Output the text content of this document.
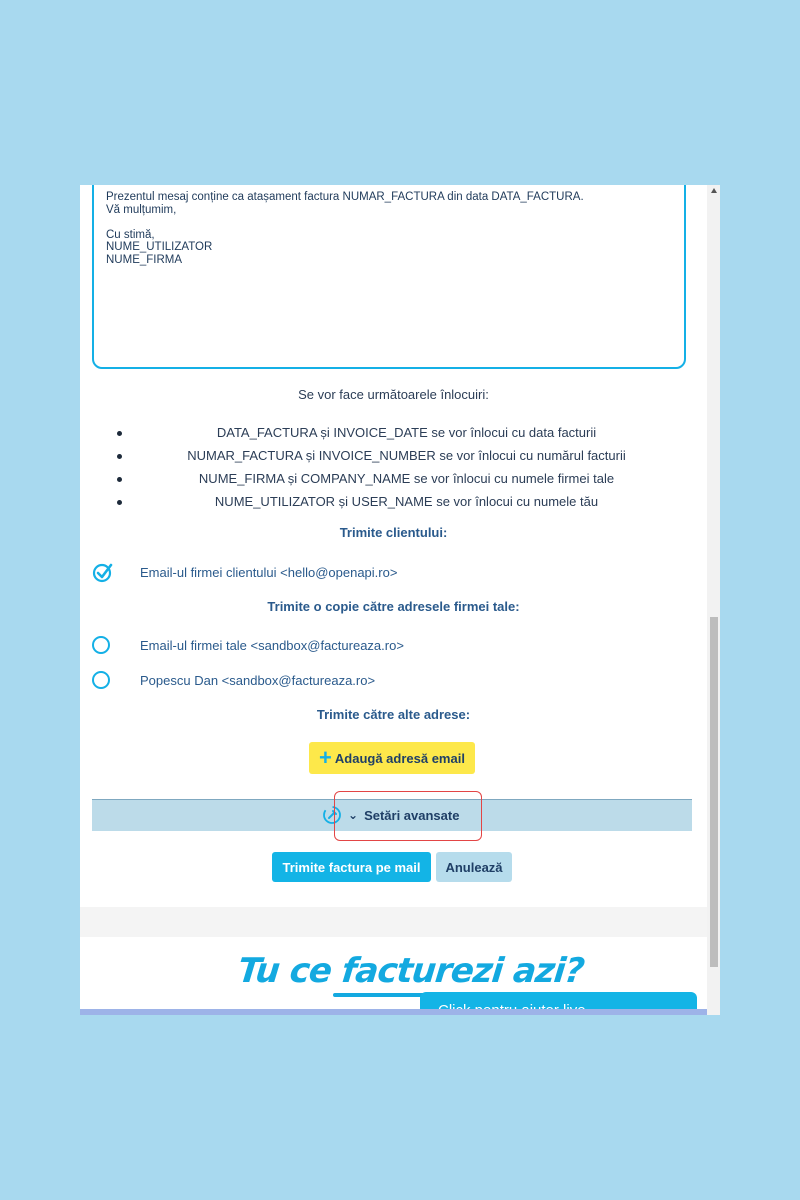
Prezentul mesaj conține ca atașament factura NUMAR_FACTURA din data DATA_FACTURA.
Vă mulțumim,

Cu stimă,
NUME_UTILIZATOR
NUME_FIRMA
Se vor face următoarele înlocuiri:
DATA_FACTURA și INVOICE_DATE se vor înlocui cu data facturii
NUMAR_FACTURA și INVOICE_NUMBER se vor înlocui cu numărul facturii
NUME_FIRMA și COMPANY_NAME se vor înlocui cu numele firmei tale
NUME_UTILIZATOR și USER_NAME se vor înlocui cu numele tău
Trimite clientului:
Email-ul firmei clientului <hello@openapi.ro>
Trimite o copie către adresele firmei tale:
Email-ul firmei tale <sandbox@factureaza.ro>
Popescu Dan <sandbox@factureaza.ro>
Trimite către alte adrese:
+ Adaugă adresă email
⌄ Setări avansate
Trimite factura pe mail	Anulează
Tu ce facturezi azi?
